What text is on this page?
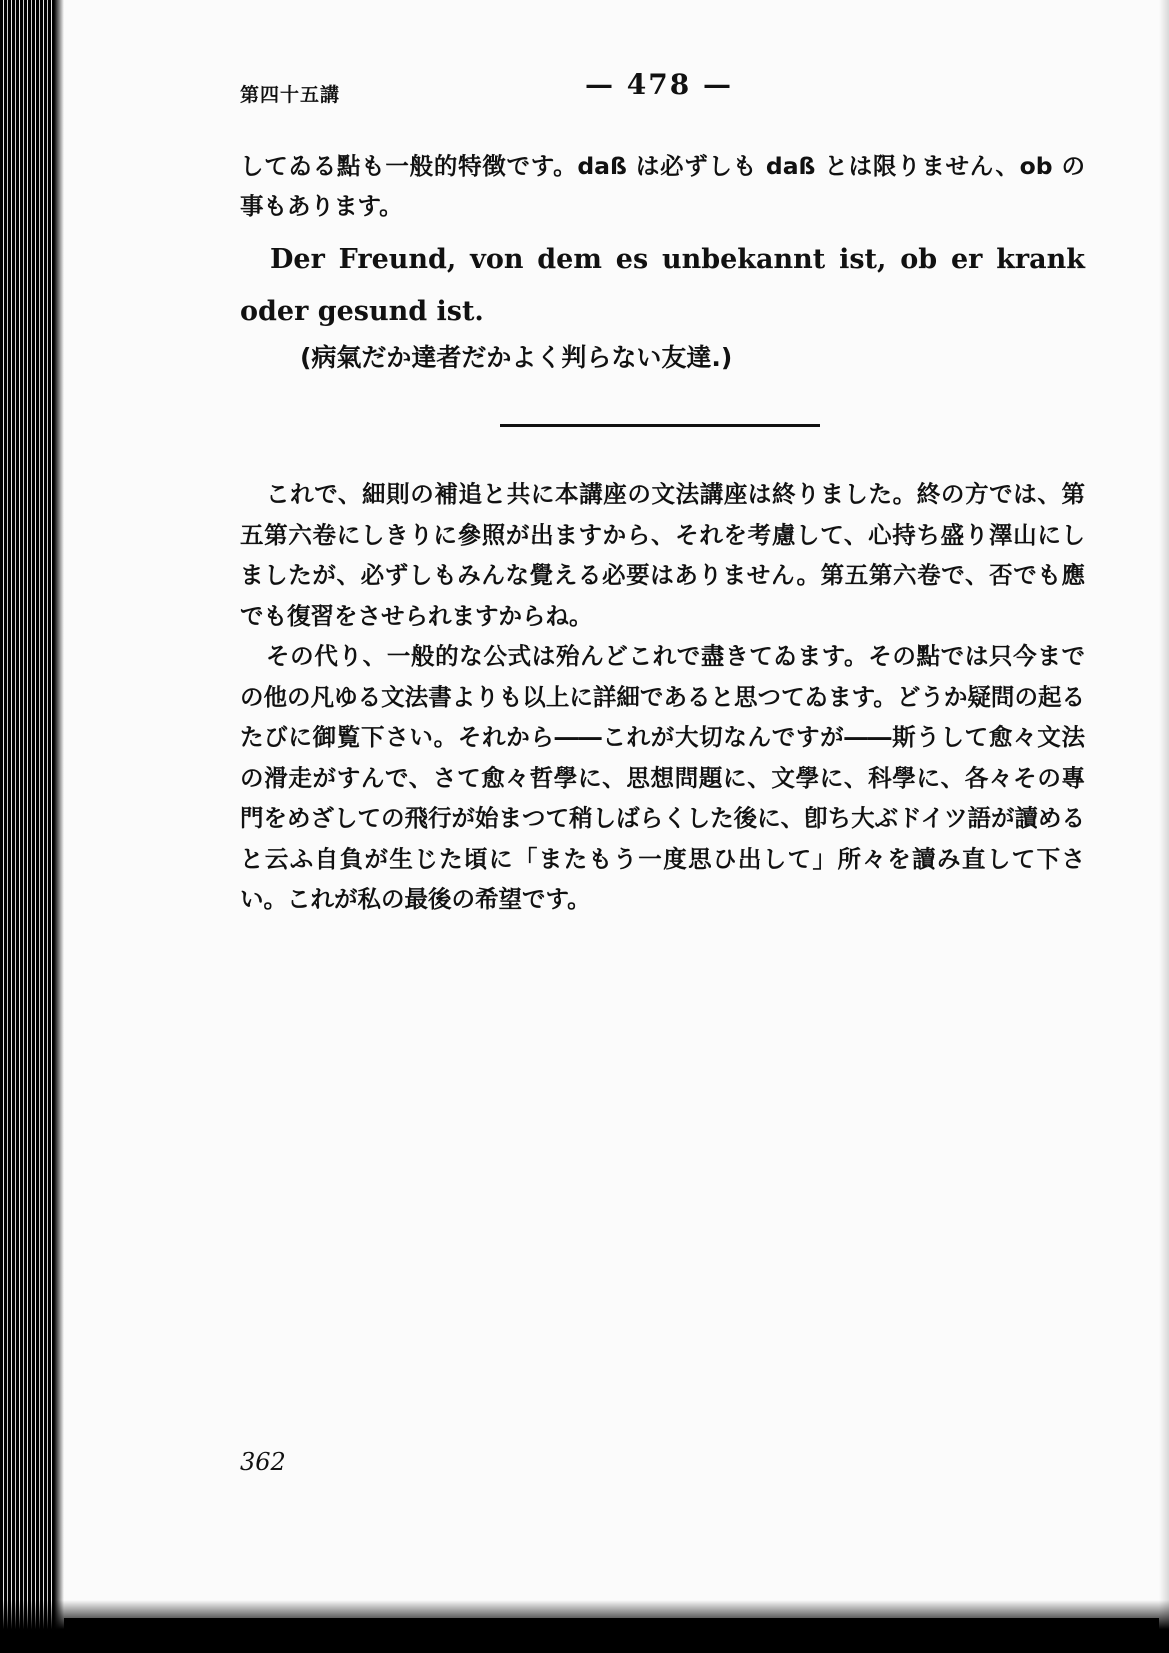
第四十五講	— 478 —

してゐる點も一般的特徴です。daß は必ずしも daß とは限りません、ob の事もあります。

Der Freund, von dem es unbekannt ist, ob er krank oder gesund ist.

(病氣だか達者だかよく判らない友達.)

これで、細則の補追と共に本講座の文法講座は終りました。終の方では、第五第六卷にしきりに參照が出ますから、それを考慮して、心持ち盛り澤山にしましたが、必ずしもみんな覺える必要はありません。第五第六卷で、否でも應でも復習をさせられますからね。

その代り、一般的な公式は殆んどこれで盡きてゐます。その點では只今までの他の凡ゆる文法書よりも以上に詳細であると思つてゐます。どうか疑問の起るたびに御覧下さい。それから――これが大切なんですが――斯うして愈々文法の滑走がすんで、さて愈々哲學に、思想問題に、文學に、科學に、各々その專門をめざしての飛行が始まつて稍しばらくした後に、卽ち大ぶドイツ語が讀めると云ふ自負が生じた頃に「またもう一度思ひ出して」所々を讀み直して下さい。これが私の最後の希望です。

362
